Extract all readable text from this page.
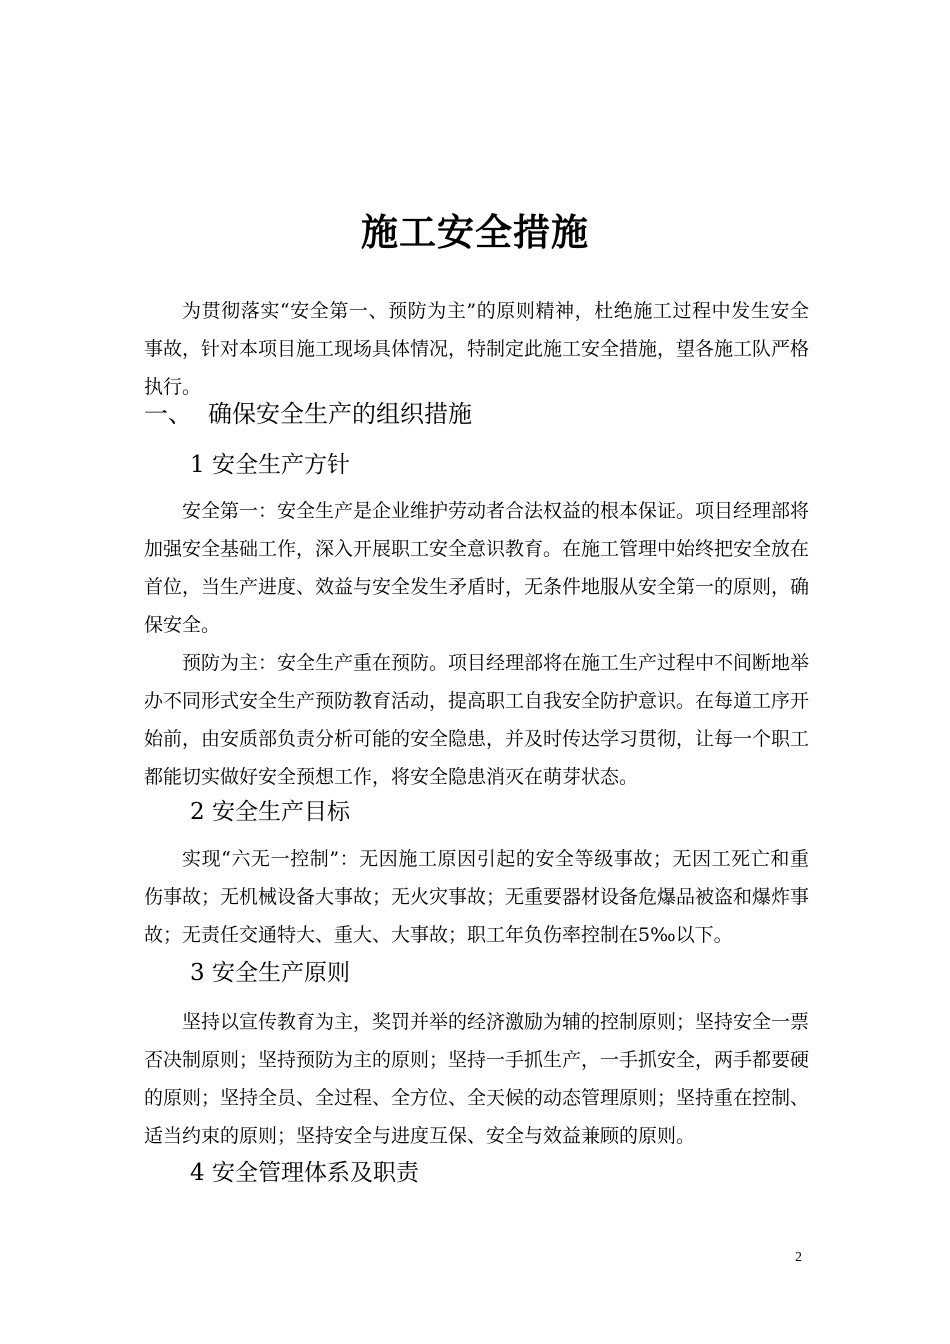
施工安全措施

为贯彻落实“安全第一、预防为主”的原则精神，杜绝施工过程中发生安全事故，针对本项目施工现场具体情况，特制定此施工安全措施，望各施工队严格执行。

一、 确保安全生产的组织措施
1 安全生产方针

安全第一：安全生产是企业维护劳动者合法权益的根本保证。项目经理部将加强安全基础工作，深入开展职工安全意识教育。在施工管理中始终把安全放在首位，当生产进度、效益与安全发生矛盾时，无条件地服从安全第一的原则，确保安全。

预防为主：安全生产重在预防。项目经理部将在施工生产过程中不间断地举办不同形式安全生产预防教育活动，提高职工自我安全防护意识。在每道工序开始前，由安质部负责分析可能的安全隐患，并及时传达学习贯彻，让每一个职工都能切实做好安全预想工作，将安全隐患消灭在萌芽状态。

2 安全生产目标

实现“六无一控制”：无因施工原因引起的安全等级事故；无因工死亡和重伤事故；无机械设备大事故；无火灾事故；无重要器材设备危爆品被盗和爆炸事故；无责任交通特大、重大、大事故；职工年负伤率控制在5‰以下。

3 安全生产原则

坚持以宣传教育为主，奖罚并举的经济激励为辅的控制原则；坚持安全一票否决制原则；坚持预防为主的原则；坚持一手抓生产，一手抓安全，两手都要硬的原则；坚持全员、全过程、全方位、全天候的动态管理原则；坚持重在控制、适当约束的原则；坚持安全与进度互保、安全与效益兼顾的原则。

4 安全管理体系及职责
2
